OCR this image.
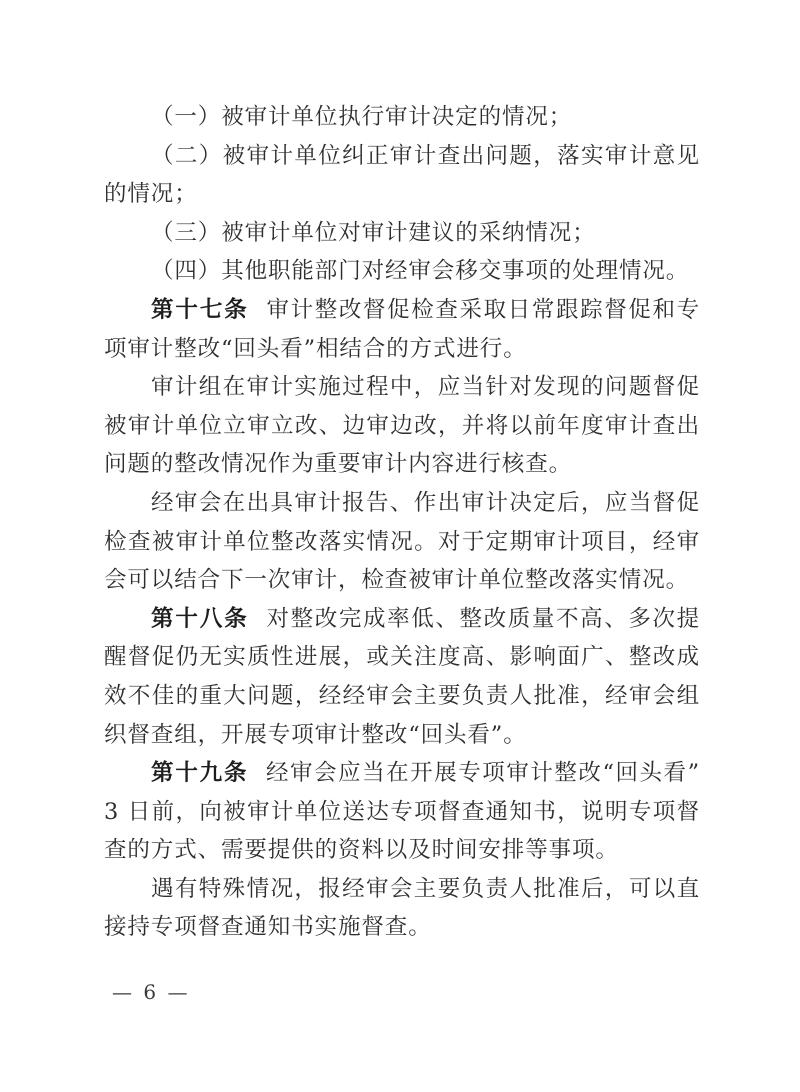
（一）被审计单位执行审计决定的情况；

（二）被审计单位纠正审计查出问题，落实审计意见的情况；

（三）被审计单位对审计建议的采纳情况；

（四）其他职能部门对经审会移交事项的处理情况。

第十七条 审计整改督促检查采取日常跟踪督促和专项审计整改“回头看”相结合的方式进行。

审计组在审计实施过程中，应当针对发现的问题督促被审计单位立审立改、边审边改，并将以前年度审计查出问题的整改情况作为重要审计内容进行核查。

经审会在出具审计报告、作出审计决定后，应当督促检查被审计单位整改落实情况。对于定期审计项目，经审会可以结合下一次审计，检查被审计单位整改落实情况。

第十八条 对整改完成率低、整改质量不高、多次提醒督促仍无实质性进展，或关注度高、影响面广、整改成效不佳的重大问题，经经审会主要负责人批准，经审会组织督查组，开展专项审计整改“回头看”。

第十九条 经审会应当在开展专项审计整改“回头看”3 日前，向被审计单位送达专项督查通知书，说明专项督查的方式、需要提供的资料以及时间安排等事项。

遇有特殊情况，报经审会主要负责人批准后，可以直接持专项督查通知书实施督查。

— 6 —
